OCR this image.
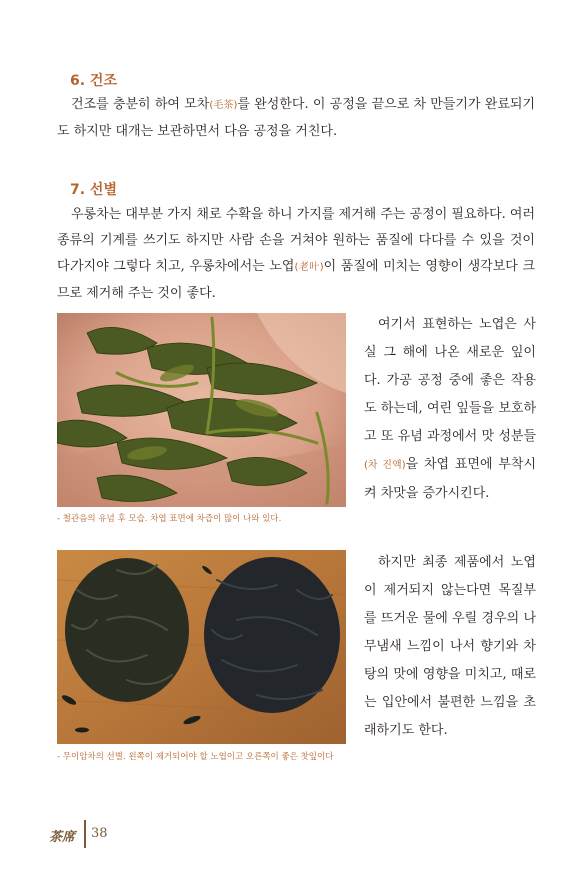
6. 건조
건조를 충분히 하여 모차(毛茶)를 완성한다. 이 공정을 끝으로 차 만들기가 완료되기도 하지만 대개는 보관하면서 다음 공정을 거친다.
7. 선별
우롱차는 대부분 가지 채로 수확을 하니 가지를 제거해 주는 공정이 필요하다. 여러 종류의 기계를 쓰기도 하지만 사람 손을 거쳐야 원하는 품질에 다다를 수 있을 것이다.
가지야 그렇다 치고, 우롱차에서는 노엽(老叶)이 품질에 미치는 영향이 생각보다 크므로 제거해 주는 것이 좋다.
- 철관음의 유념 후 모습. 차엽 표면에 차즙이 많이 나와 있다.
여기서 표현하는 노엽은 사실 그 해에 나온 새로운 잎이다. 가공 공정 중에 좋은 작용도 하는데, 여린 잎들을 보호하고 또 유념 과정에서 맛 성분들(차 진액)을 차엽 표면에 부착시켜 차맛을 증가시킨다.
- 무이암차의 선별. 왼쪽이 제거되어야 할 노엽이고 오른쪽이 좋은 찻잎이다
하지만 최종 제품에서 노엽이 제거되지 않는다면 목질부를 뜨거운 물에 우릴 경우의 나무냄새 느낌이 나서 향기와 차탕의 맛에 영향을 미치고, 때로는 입안에서 불편한 느낌을 초래하기도 한다.
茶席 38
